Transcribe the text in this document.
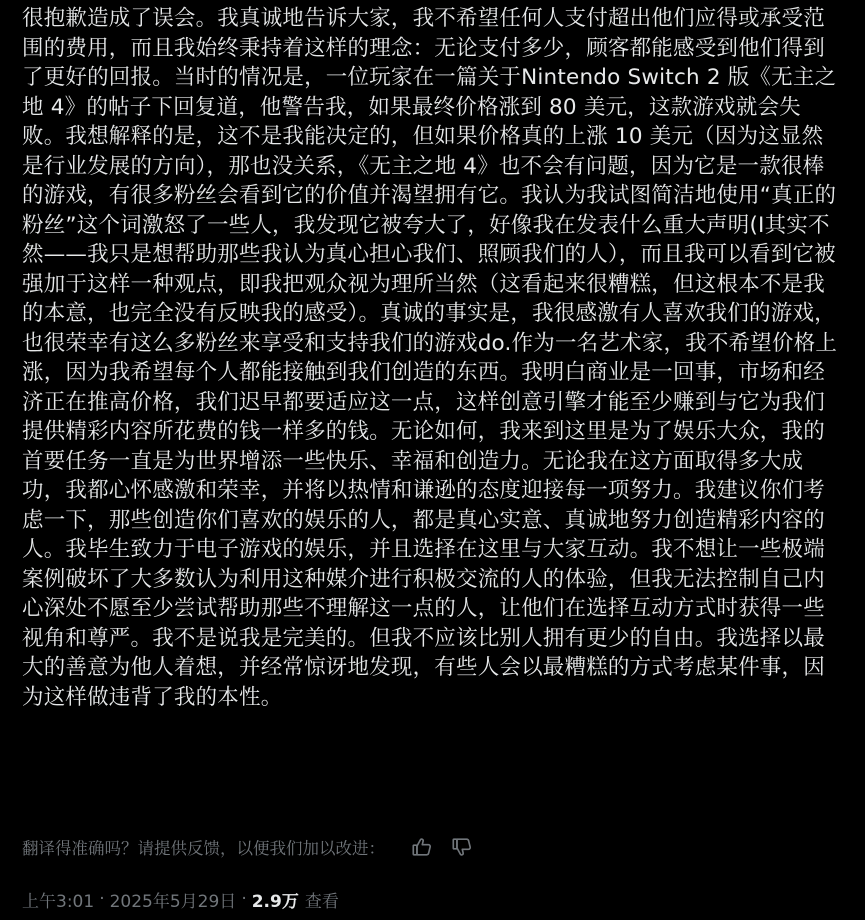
很抱歉造成了误会。我真诚地告诉大家，我不希望任何人支付超出他们应得或承受范围的费用，而且我始终秉持着这样的理念：无论支付多少，顾客都能感受到他们得到了更好的回报。当时的情况是，一位玩家在一篇关于Nintendo Switch 2 版《无主之地 4》的帖子下回复道，他警告我，如果最终价格涨到 80 美元，这款游戏就会失败。我想解释的是，这不是我能决定的，但如果价格真的上涨 10 美元（因为这显然是行业发展的方向），那也没关系，《无主之地 4》也不会有问题，因为它是一款很棒的游戏，有很多粉丝会看到它的价值并渴望拥有它。我认为我试图简洁地使用“真正的粉丝”这个词激怒了一些人，我发现它被夸大了，好像我在发表什么重大声明(I其实不然——我只是想帮助那些我认为真心担心我们、照顾我们的人），而且我可以看到它被强加于这样一种观点，即我把观众视为理所当然（这看起来很糟糕，但这根本不是我的本意，也完全没有反映我的感受）。真诚的事实是，我很感激有人喜欢我们的游戏，也很荣幸有这么多粉丝来享受和支持我们的游戏do.作为一名艺术家，我不希望价格上涨，因为我希望每个人都能接触到我们创造的东西。我明白商业是一回事，市场和经济正在推高价格，我们迟早都要适应这一点，这样创意引擎才能至少赚到与它为我们提供精彩内容所花费的钱一样多的钱。无论如何，我来到这里是为了娱乐大众，我的首要任务一直是为世界增添一些快乐、幸福和创造力。无论我在这方面取得多大成功，我都心怀感激和荣幸，并将以热情和谦逊的态度迎接每一项努力。我建议你们考虑一下，那些创造你们喜欢的娱乐的人，都是真心实意、真诚地努力创造精彩内容的人。我毕生致力于电子游戏的娱乐，并且选择在这里与大家互动。我不想让一些极端案例破坏了大多数认为利用这种媒介进行积极交流的人的体验，但我无法控制自己内心深处不愿至少尝试帮助那些不理解这一点的人，让他们在选择互动方式时获得一些视角和尊严。我不是说我是完美的。但我不应该比别人拥有更少的自由。我选择以最大的善意为他人着想，并经常惊讶地发现，有些人会以最糟糕的方式考虑某件事，因为这样做违背了我的本性。

翻译得准确吗？请提供反馈，以便我们加以改进：
上午3:01 · 2025年5月29日 · 2.9万 查看
